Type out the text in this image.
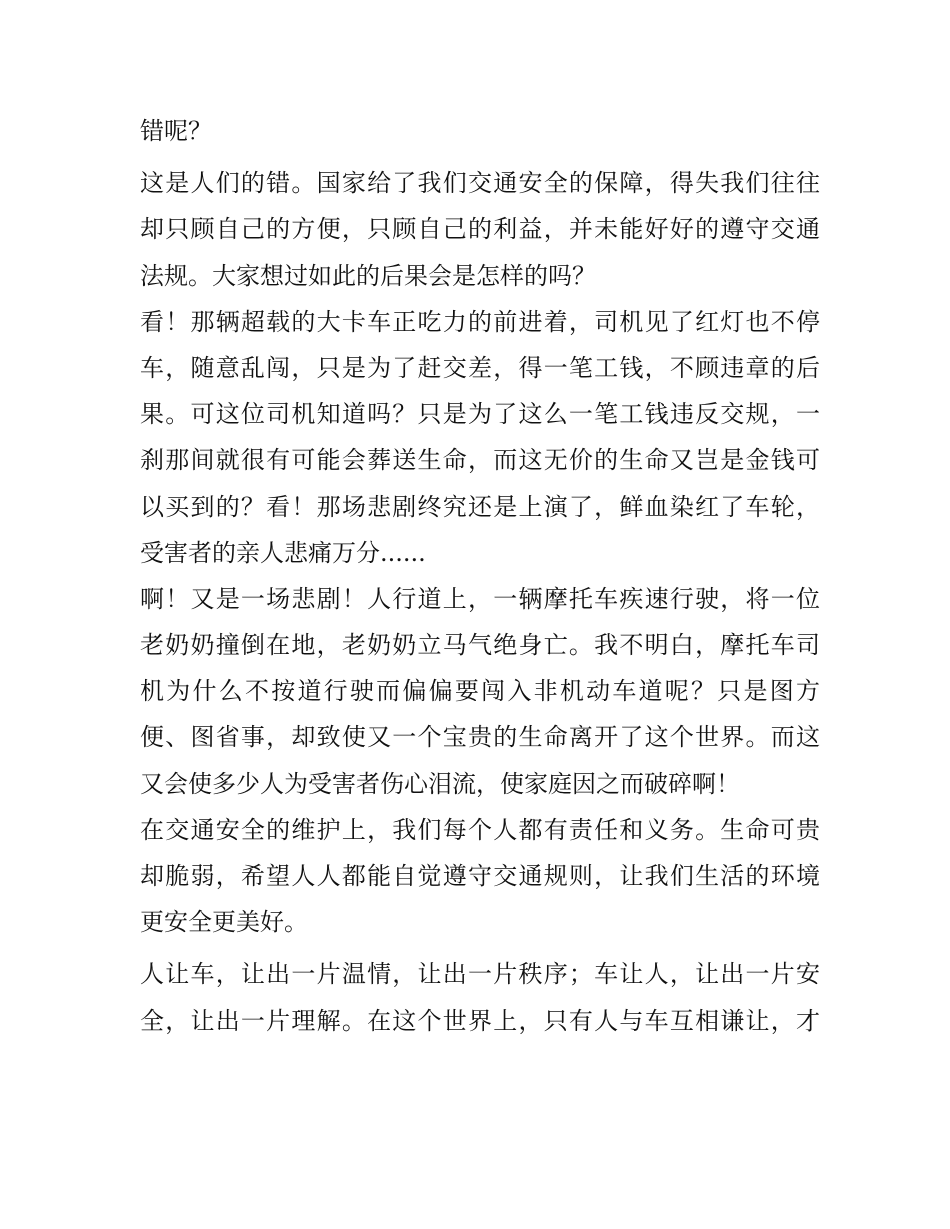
错呢？
这是人们的错。国家给了我们交通安全的保障，得失我们往往
却只顾自己的方便，只顾自己的利益，并未能好好的遵守交通
法规。大家想过如此的后果会是怎样的吗？
看！那辆超载的大卡车正吃力的前进着，司机见了红灯也不停
车，随意乱闯，只是为了赶交差，得一笔工钱，不顾违章的后
果。可这位司机知道吗？只是为了这么一笔工钱违反交规，一
刹那间就很有可能会葬送生命，而这无价的生命又岂是金钱可
以买到的？看！那场悲剧终究还是上演了，鲜血染红了车轮，
受害者的亲人悲痛万分......
啊！又是一场悲剧！人行道上，一辆摩托车疾速行驶，将一位
老奶奶撞倒在地，老奶奶立马气绝身亡。我不明白，摩托车司
机为什么不按道行驶而偏偏要闯入非机动车道呢？只是图方
便、图省事，却致使又一个宝贵的生命离开了这个世界。而这
又会使多少人为受害者伤心泪流，使家庭因之而破碎啊！
在交通安全的维护上，我们每个人都有责任和义务。生命可贵
却脆弱，希望人人都能自觉遵守交通规则，让我们生活的环境
更安全更美好。
人让车，让出一片温情，让出一片秩序；车让人，让出一片安
全，让出一片理解。在这个世界上，只有人与车互相谦让，才
